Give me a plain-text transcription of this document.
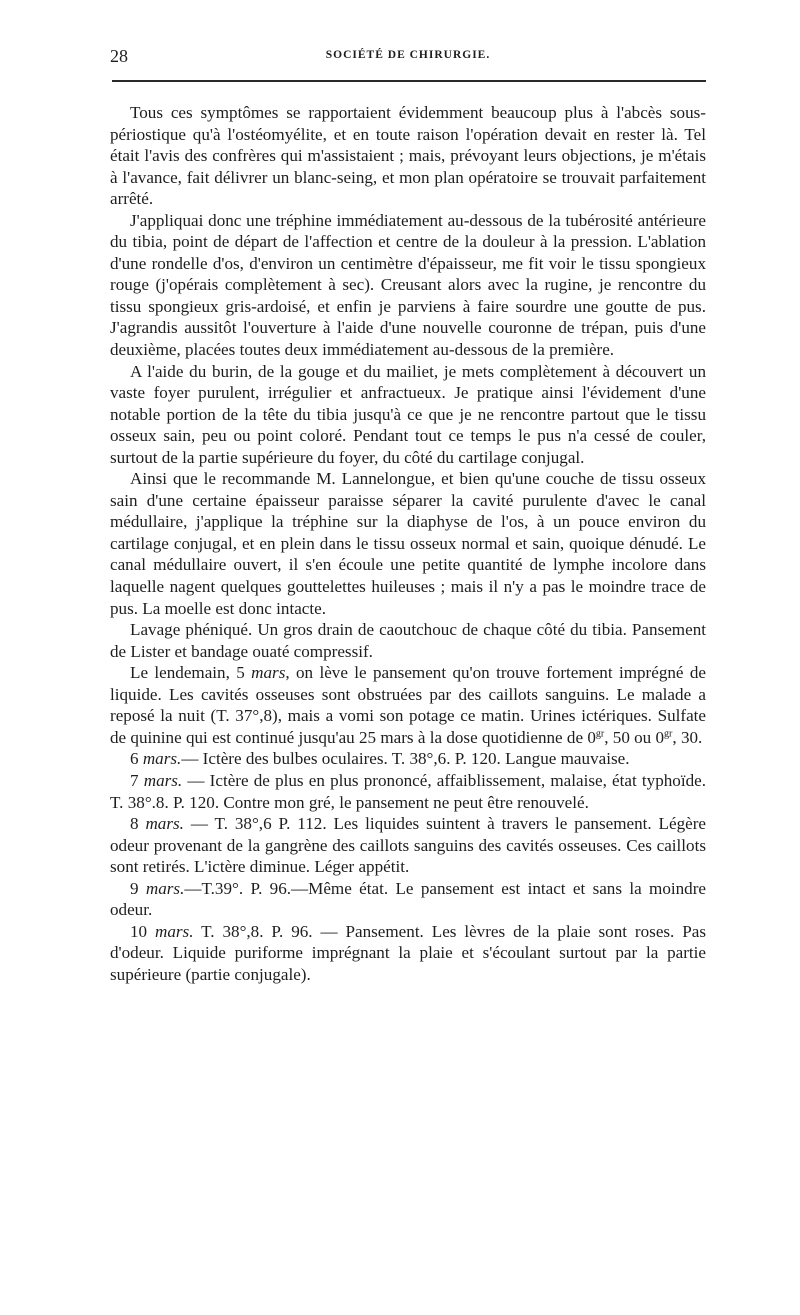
28	SOCIÉTÉ DE CHIRURGIE.

Tous ces symptômes se rapportaient évidemment beaucoup plus à l'abcès sous-périostique qu'à l'ostéomyélite, et en toute raison l'opération devait en rester là. Tel était l'avis des confrères qui m'assistaient ; mais, prévoyant leurs objections, je m'étais à l'avance, fait délivrer un blanc-seing, et mon plan opératoire se trouvait parfaitement arrêté.

J'appliquai donc une tréphine immédiatement au-dessous de la tubérosité antérieure du tibia, point de départ de l'affection et centre de la douleur à la pression. L'ablation d'une rondelle d'os, d'environ un centimètre d'épaisseur, me fit voir le tissu spongieux rouge (j'opérais complètement à sec). Creusant alors avec la rugine, je rencontre du tissu spongieux gris-ardoisé, et enfin je parviens à faire sourdre une goutte de pus. J'agrandis aussitôt l'ouverture à l'aide d'une nouvelle couronne de trépan, puis d'une deuxième, placées toutes deux immédiatement au-dessous de la première.

A l'aide du burin, de la gouge et du mailiet, je mets complètement à découvert un vaste foyer purulent, irrégulier et anfractueux. Je pratique ainsi l'évidement d'une notable portion de la tête du tibia jusqu'à ce que je ne rencontre partout que le tissu osseux sain, peu ou point coloré. Pendant tout ce temps le pus n'a cessé de couler, surtout de la partie supérieure du foyer, du côté du cartilage conjugal.

Ainsi que le recommande M. Lannelongue, et bien qu'une couche de tissu osseux sain d'une certaine épaisseur paraisse séparer la cavité purulente d'avec le canal médullaire, j'applique la tréphine sur la diaphyse de l'os, à un pouce environ du cartilage conjugal, et en plein dans le tissu osseux normal et sain, quoique dénudé. Le canal médullaire ouvert, il s'en écoule une petite quantité de lymphe incolore dans laquelle nagent quelques gouttelettes huileuses ; mais il n'y a pas le moindre trace de pus. La moelle est donc intacte.

Lavage phéniqué. Un gros drain de caoutchouc de chaque côté du tibia. Pansement de Lister et bandage ouaté compressif.

Le lendemain, 5 mars, on lève le pansement qu'on trouve fortement imprégné de liquide. Les cavités osseuses sont obstruées par des caillots sanguins. Le malade a reposé la nuit (T. 37°,8), mais a vomi son potage ce matin. Urines ictériques. Sulfate de quinine qui est continué jusqu'au 25 mars à la dose quotidienne de $0^{gr}$, 50 ou $0^{gr}$, 30.

6 mars.— Ictère des bulbes oculaires. T. 38°,6. P. 120. Langue mauvaise.

7 mars. — Ictère de plus en plus prononcé, affaiblissement, malaise, état typhoïde. T. 38°.8. P. 120. Contre mon gré, le pansement ne peut être renouvelé.

8 mars. — T. 38°,6 P. 112. Les liquides suintent à travers le pansement. Légère odeur provenant de la gangrène des caillots sanguins des cavités osseuses. Ces caillots sont retirés. L'ictère diminue. Léger appétit.

9 mars.—T.39°. P. 96.—Même état. Le pansement est intact et sans la moindre odeur.

10 mars. T. 38°,8. P. 96. — Pansement. Les lèvres de la plaie sont roses. Pas d'odeur. Liquide puriforme imprégnant la plaie et s'écoulant surtout par la partie supérieure (partie conjugale).
